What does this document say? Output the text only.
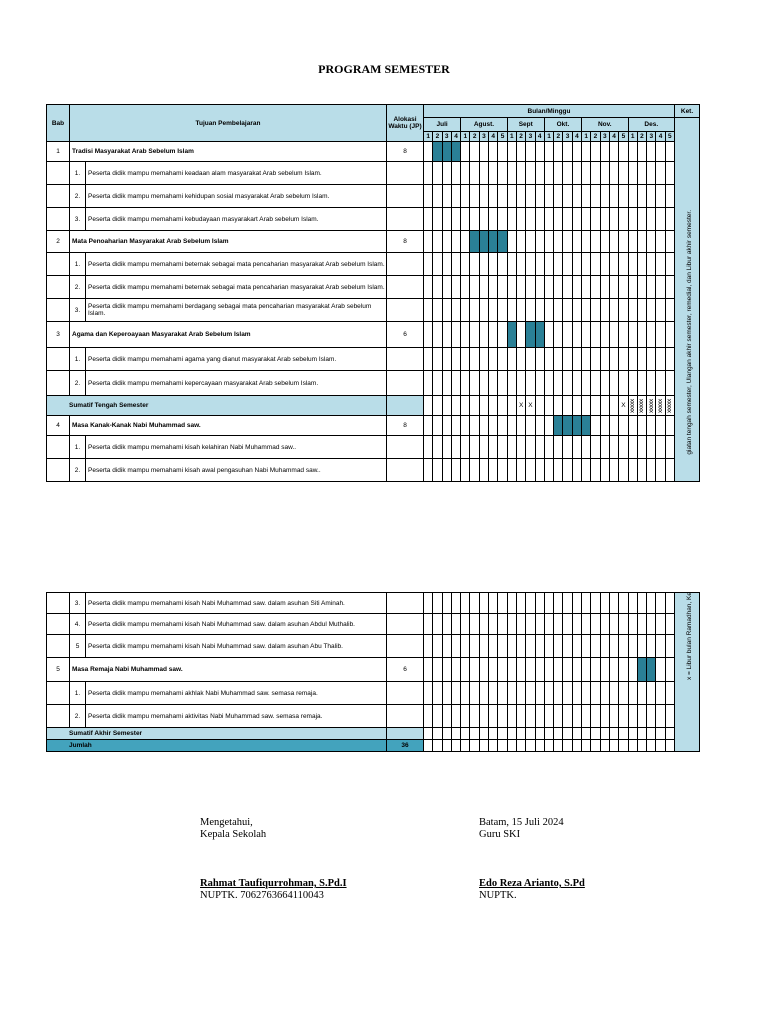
PROGRAM SEMESTER
Bab	Tujuan Pembelajaran		Alokasi Waktu (JP)	Bulan/Minggu																											Ket.
				Juli				Agust.					Sept				Okt.				Nov.					Des.					
				1	2	3	4	1	2	3	4	5	1	2	3	4	1	2	3	4	1	2	3	4	5	1	2	3	4	5	
1	Tradisi Masyarakat Arab Sebelum Islam		8																												
	1.	Peserta didik mampu memahami keadaan alam masyarakat Arab sebelum Islam.																													
	2.	Peserta didik mampu memahami kehidupan sosial masyarakat Arab sebelum Islam.																													
	3.	Peserta didik mampu memahami kebudayaan masyarakart Arab sebelum Islam.																													
2	Mata Penoaharian Masyarakat Arab Sebelum Islam		8																												
	1.	Peserta didik mampu memahami beternak sebagai mata pencaharian masyarakat Arab sebelum Islam.																													
	2.	Peserta didik mampu memahami beternak sebagai mata pencaharian masyarakat Arab sebelum Islam.																													
	3.	Peserta didik mampu memahami berdagang sebagai mata pencaharian masyarakat Arab sebelum Islam.																													
3	Agama dan Keperoayaan Masyarakat Arab Sebelum Islam		6																												
	1.	Peserta didik mampu memahami agama yang dianut masyarakat Arab sebelum Islam.																													
	2.	Peserta didik mampu memahami kepercayaan masyarakat Arab sebelum Islam.																													
Sumatif Tengah Semester														X	X										X	xxxxx	xxxxx	xxxxx	xxxxx	xxxxx	
4	Masa Kanak-Kanak Nabi Muhammad saw.		8																												
	1.	Peserta didik mampu memahami kisah kelahiran Nabi Muhammad saw..																													
	2.	Peserta didik mampu memahami kisah awal pengasuhan Nabi Muhammad saw..																													
	3.	Peserta didik mampu memahami kisah Nabi Muhammad saw. dalam asuhan Siti Aminah.																													
	4.	Peserta didik mampu memahami kisah Nabi Muhammad saw. dalam asuhan Abdul Muthalib.																													
	5	Peserta didik mampu memahami kisah Nabi Muhammad saw. dalam asuhan Abu Thalib.																													
5	Masa Remaja Nabi Muhammad saw.		6																												
	1.	Peserta didik mampu memahami akhlak Nabi Muhammad saw. semasa remaja.																													
	2.	Peserta didik mampu memahami aktivitas Nabi Muhammad saw. semasa remaja.																													
Sumatif Akhir Semester																															
Jumlah			36																												
giatan tengah semester, Ulangan akhir semester, remedial, dan Libur akhir semester.
x = Libur bulan Ramadhan, Ke
Mengetahui,
Kepala Sekolah
Rahmat Taufiqurrohman, S.Pd.I
NUPTK. 7062763664110043
Batam, 15 Juli 2024
Guru SKI
Edo Reza Arianto, S.Pd
NUPTK.
